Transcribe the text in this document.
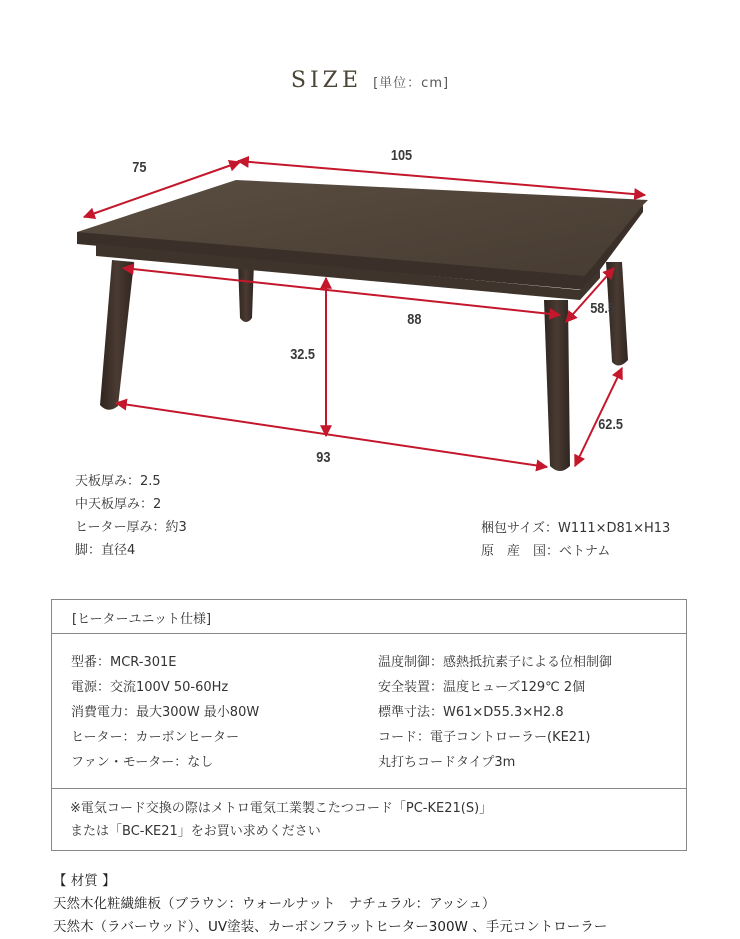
SIZE [単位：cm]
75
105
88
58.5
32.5
62.5
93
天板厚み：2.5
中天板厚み：2
ヒーター厚み：約3
脚：直径4
梱包サイズ：W111×D81×H13
原　産　国：ベトナム
[ヒーターユニット仕様]
型番：MCR-301E
電源：交流100V 50-60Hz
消費電力：最大300W 最小80W
ヒーター：カーボンヒーター
ファン・モーター：なし
温度制御：感熱抵抗素子による位相制御
安全装置：温度ヒューズ129℃ 2個
標準寸法：W61×D55.3×H2.8
コード：電子コントローラー(KE21)
丸打ちコードタイプ3m
※電気コード交換の際はメトロ電気工業製こたつコード「PC-KE21(S)」
または「BC-KE21」をお買い求めください
【 材質 】
天然木化粧繊維板（ブラウン：ウォールナット　ナチュラル：アッシュ）
天然木（ラバーウッド）、UV塗装、カーボンフラットヒーター300W 、手元コントローラー
